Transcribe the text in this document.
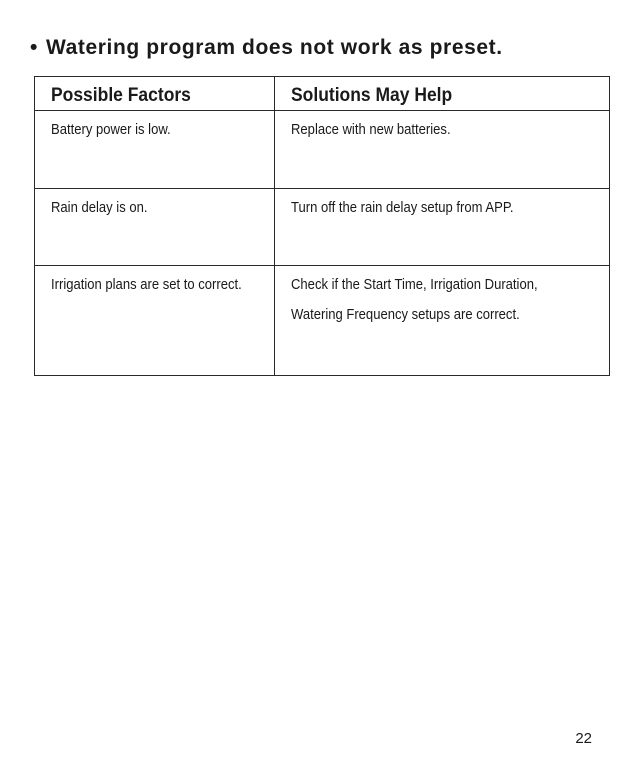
• Watering program does not work as preset.
Possible Factors	Solutions May Help

Battery power is low.	Replace with new batteries.

Rain delay is on.	Turn off the rain delay setup from APP.

Irrigation plans are set to correct.	Check if the Start Time, Irrigation Duration,
Watering Frequency setups are correct.
22
